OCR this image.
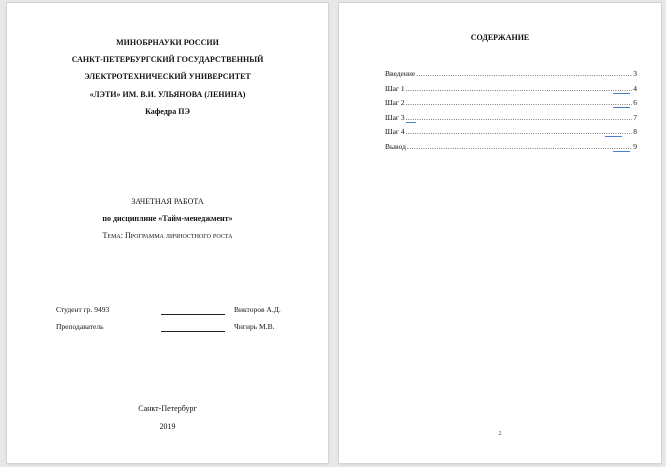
МИНОБРНАУКИ РОССИИ
САНКТ-ПЕТЕРБУРГСКИЙ ГОСУДАРСТВЕННЫЙ
ЭЛЕКТРОТЕХНИЧЕСКИЙ УНИВЕРСИТЕТ
«ЛЭТИ» ИМ. В.И. УЛЬЯНОВА (ЛЕНИНА)
Кафедра ПЭ
ЗАЧЕТНАЯ РАБОТА
по дисциплине «Тайм-менеджмент»
Тема: Программа личностного роста
Студент гр. 9493	Викторов А.Д.
Преподаватель	Чигирь М.В.
Санкт-Петербург
2019
СОДЕРЖАНИЕ
Введение .....	3
Шаг 1 .....	4
Шаг 2 .....	6
Шаг 3 .....	7
Шаг 4 .....	8
Вывод .....	9
2
